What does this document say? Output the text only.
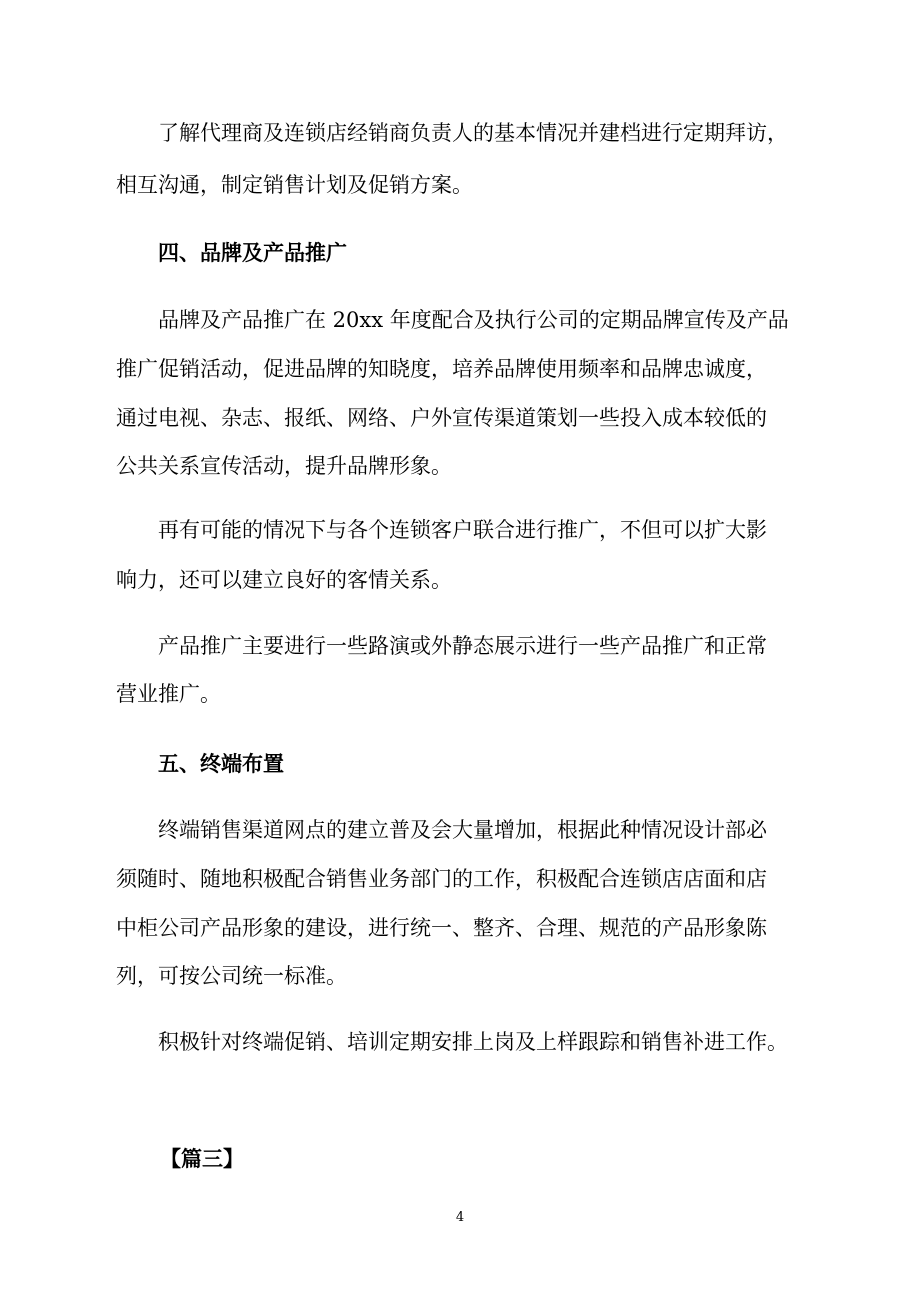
了解代理商及连锁店经销商负责人的基本情况并建档进行定期拜访，
相互沟通，制定销售计划及促销方案。
四、品牌及产品推广
品牌及产品推广在 20xx 年度配合及执行公司的定期品牌宣传及产品
推广促销活动，促进品牌的知晓度，培养品牌使用频率和品牌忠诚度，
通过电视、杂志、报纸、网络、户外宣传渠道策划一些投入成本较低的
公共关系宣传活动，提升品牌形象。
再有可能的情况下与各个连锁客户联合进行推广，不但可以扩大影
响力，还可以建立良好的客情关系。
产品推广主要进行一些路演或外静态展示进行一些产品推广和正常
营业推广。
五、终端布置
终端销售渠道网点的建立普及会大量增加，根据此种情况设计部必
须随时、随地积极配合销售业务部门的工作，积极配合连锁店店面和店
中柜公司产品形象的建设，进行统一、整齐、合理、规范的产品形象陈
列，可按公司统一标准。
积极针对终端促销、培训定期安排上岗及上样跟踪和销售补进工作。
【篇三】
4
